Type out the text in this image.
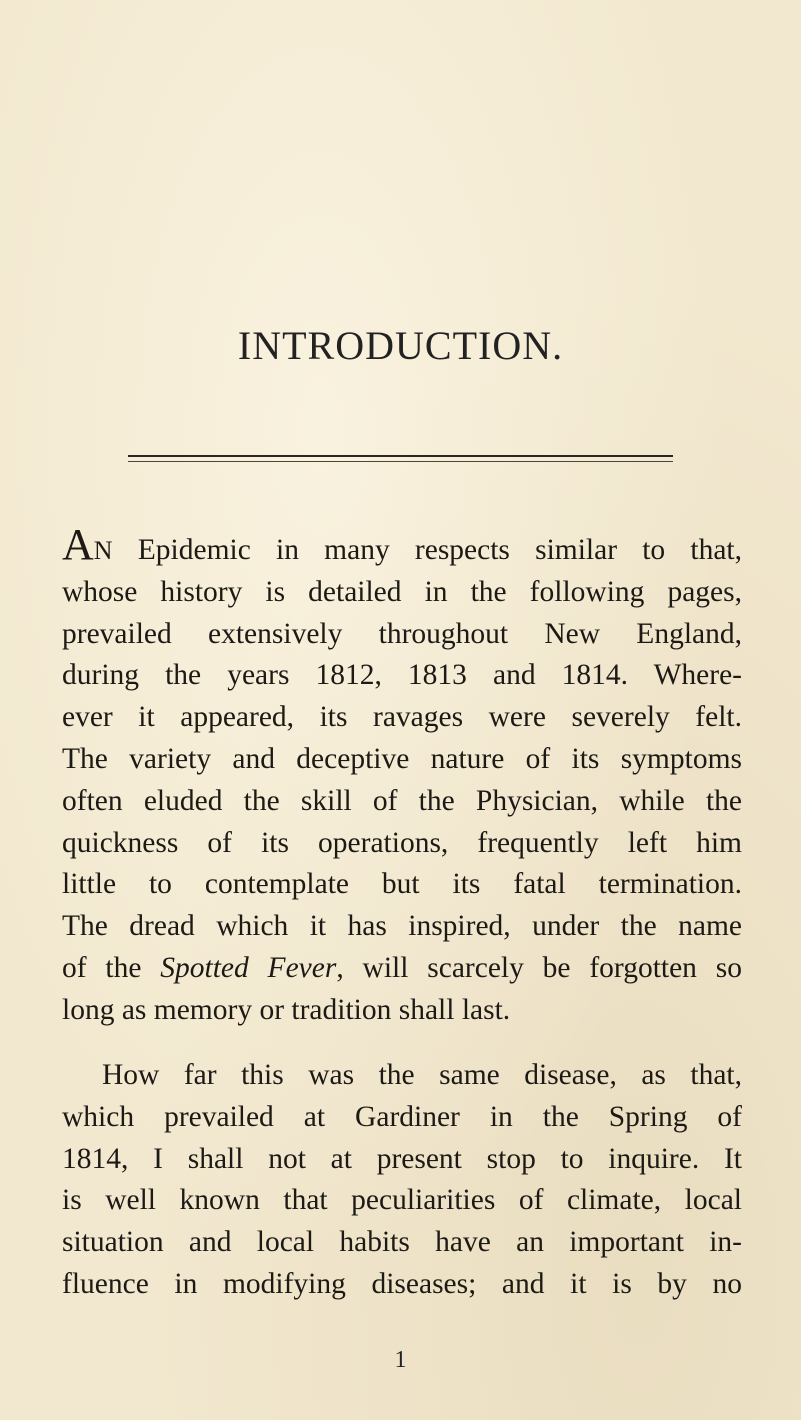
INTRODUCTION.
AN Epidemic in many respects similar to that,
whose history is detailed in the following pages,
prevailed extensively throughout New England,
during the years 1812, 1813 and 1814. Where-
ever it appeared, its ravages were severely felt.
The variety and deceptive nature of its symptoms
often eluded the skill of the Physician, while the
quickness of its operations, frequently left him
little to contemplate but its fatal termination.
The dread which it has inspired, under the name
of the Spotted Fever, will scarcely be forgotten so
long as memory or tradition shall last.
How far this was the same disease, as that,
which prevailed at Gardiner in the Spring of
1814, I shall not at present stop to inquire. It
is well known that peculiarities of climate, local
situation and local habits have an important in-
fluence in modifying diseases; and it is by no
1
